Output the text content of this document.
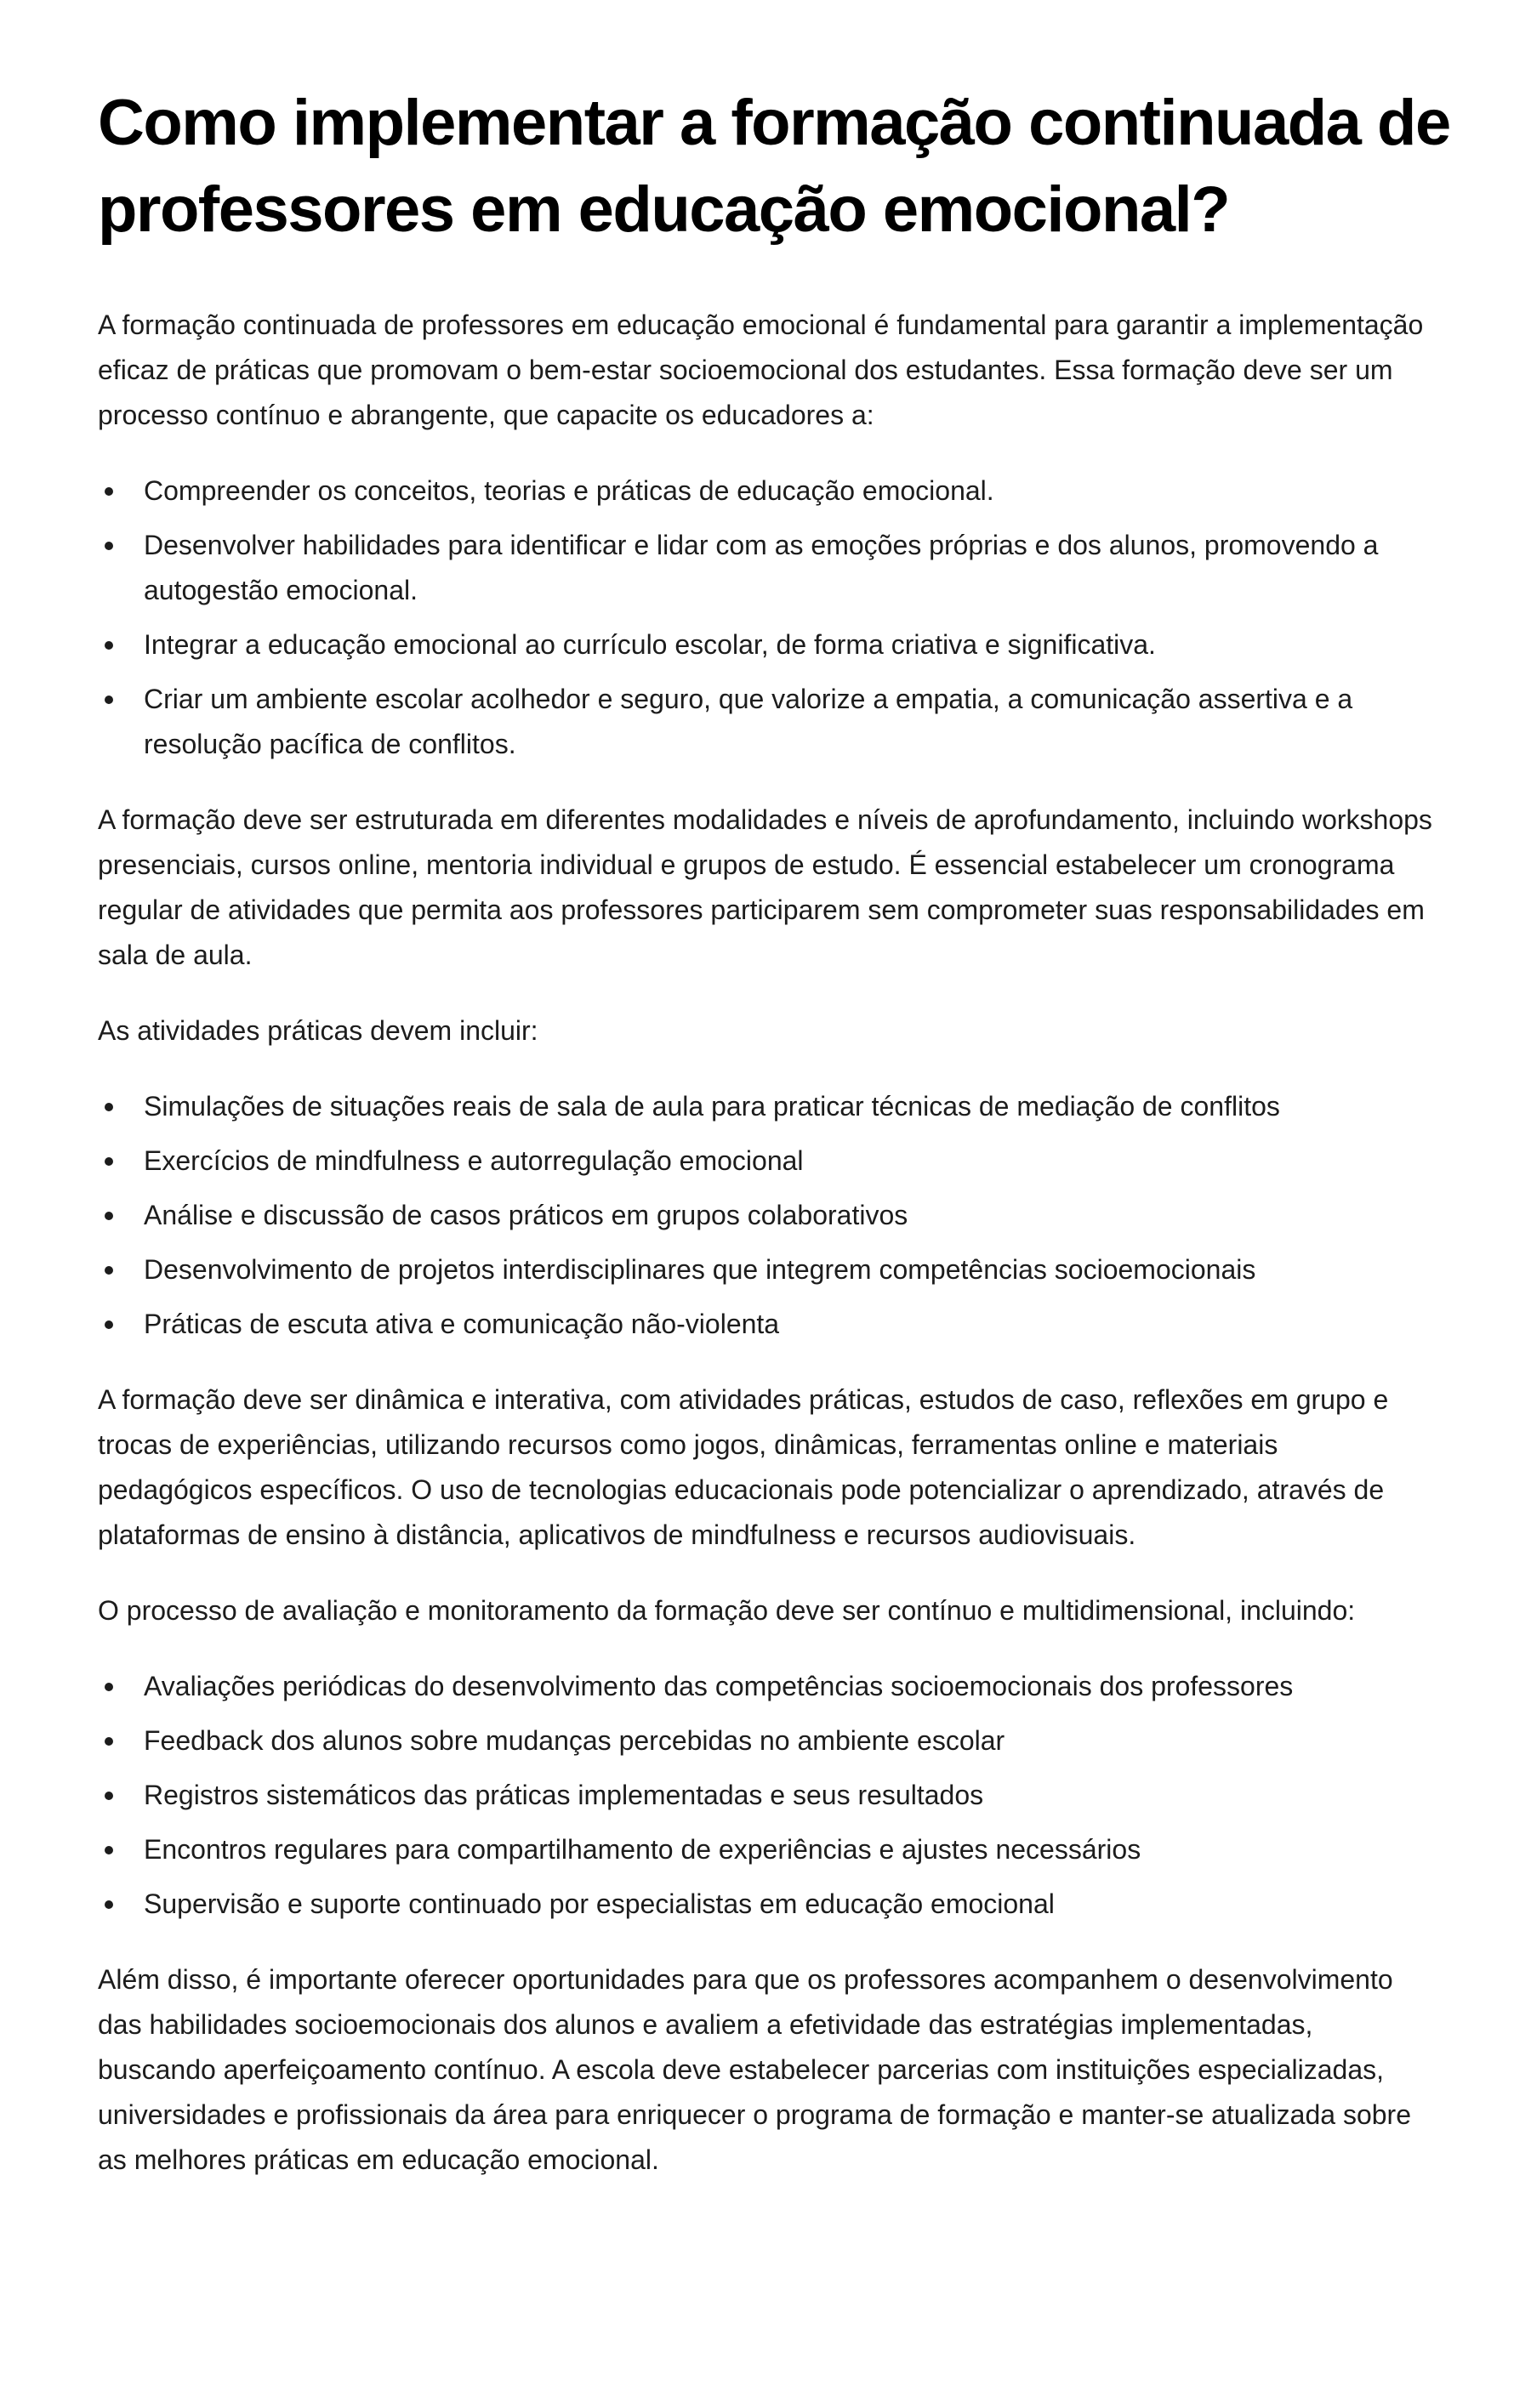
Como implementar a formação continuada de professores em educação emocional?

A formação continuada de professores em educação emocional é fundamental para garantir a implementação eficaz de práticas que promovam o bem-estar socioemocional dos estudantes. Essa formação deve ser um processo contínuo e abrangente, que capacite os educadores a:

Compreender os conceitos, teorias e práticas de educação emocional.
Desenvolver habilidades para identificar e lidar com as emoções próprias e dos alunos, promovendo a autogestão emocional.
Integrar a educação emocional ao currículo escolar, de forma criativa e significativa.
Criar um ambiente escolar acolhedor e seguro, que valorize a empatia, a comunicação assertiva e a resolução pacífica de conflitos.

A formação deve ser estruturada em diferentes modalidades e níveis de aprofundamento, incluindo workshops presenciais, cursos online, mentoria individual e grupos de estudo. É essencial estabelecer um cronograma regular de atividades que permita aos professores participarem sem comprometer suas responsabilidades em sala de aula.

As atividades práticas devem incluir:

Simulações de situações reais de sala de aula para praticar técnicas de mediação de conflitos
Exercícios de mindfulness e autorregulação emocional
Análise e discussão de casos práticos em grupos colaborativos
Desenvolvimento de projetos interdisciplinares que integrem competências socioemocionais
Práticas de escuta ativa e comunicação não-violenta

A formação deve ser dinâmica e interativa, com atividades práticas, estudos de caso, reflexões em grupo e trocas de experiências, utilizando recursos como jogos, dinâmicas, ferramentas online e materiais pedagógicos específicos. O uso de tecnologias educacionais pode potencializar o aprendizado, através de plataformas de ensino à distância, aplicativos de mindfulness e recursos audiovisuais.

O processo de avaliação e monitoramento da formação deve ser contínuo e multidimensional, incluindo:

Avaliações periódicas do desenvolvimento das competências socioemocionais dos professores
Feedback dos alunos sobre mudanças percebidas no ambiente escolar
Registros sistemáticos das práticas implementadas e seus resultados
Encontros regulares para compartilhamento de experiências e ajustes necessários
Supervisão e suporte continuado por especialistas em educação emocional

Além disso, é importante oferecer oportunidades para que os professores acompanhem o desenvolvimento das habilidades socioemocionais dos alunos e avaliem a efetividade das estratégias implementadas, buscando aperfeiçoamento contínuo. A escola deve estabelecer parcerias com instituições especializadas, universidades e profissionais da área para enriquecer o programa de formação e manter-se atualizada sobre as melhores práticas em educação emocional.
